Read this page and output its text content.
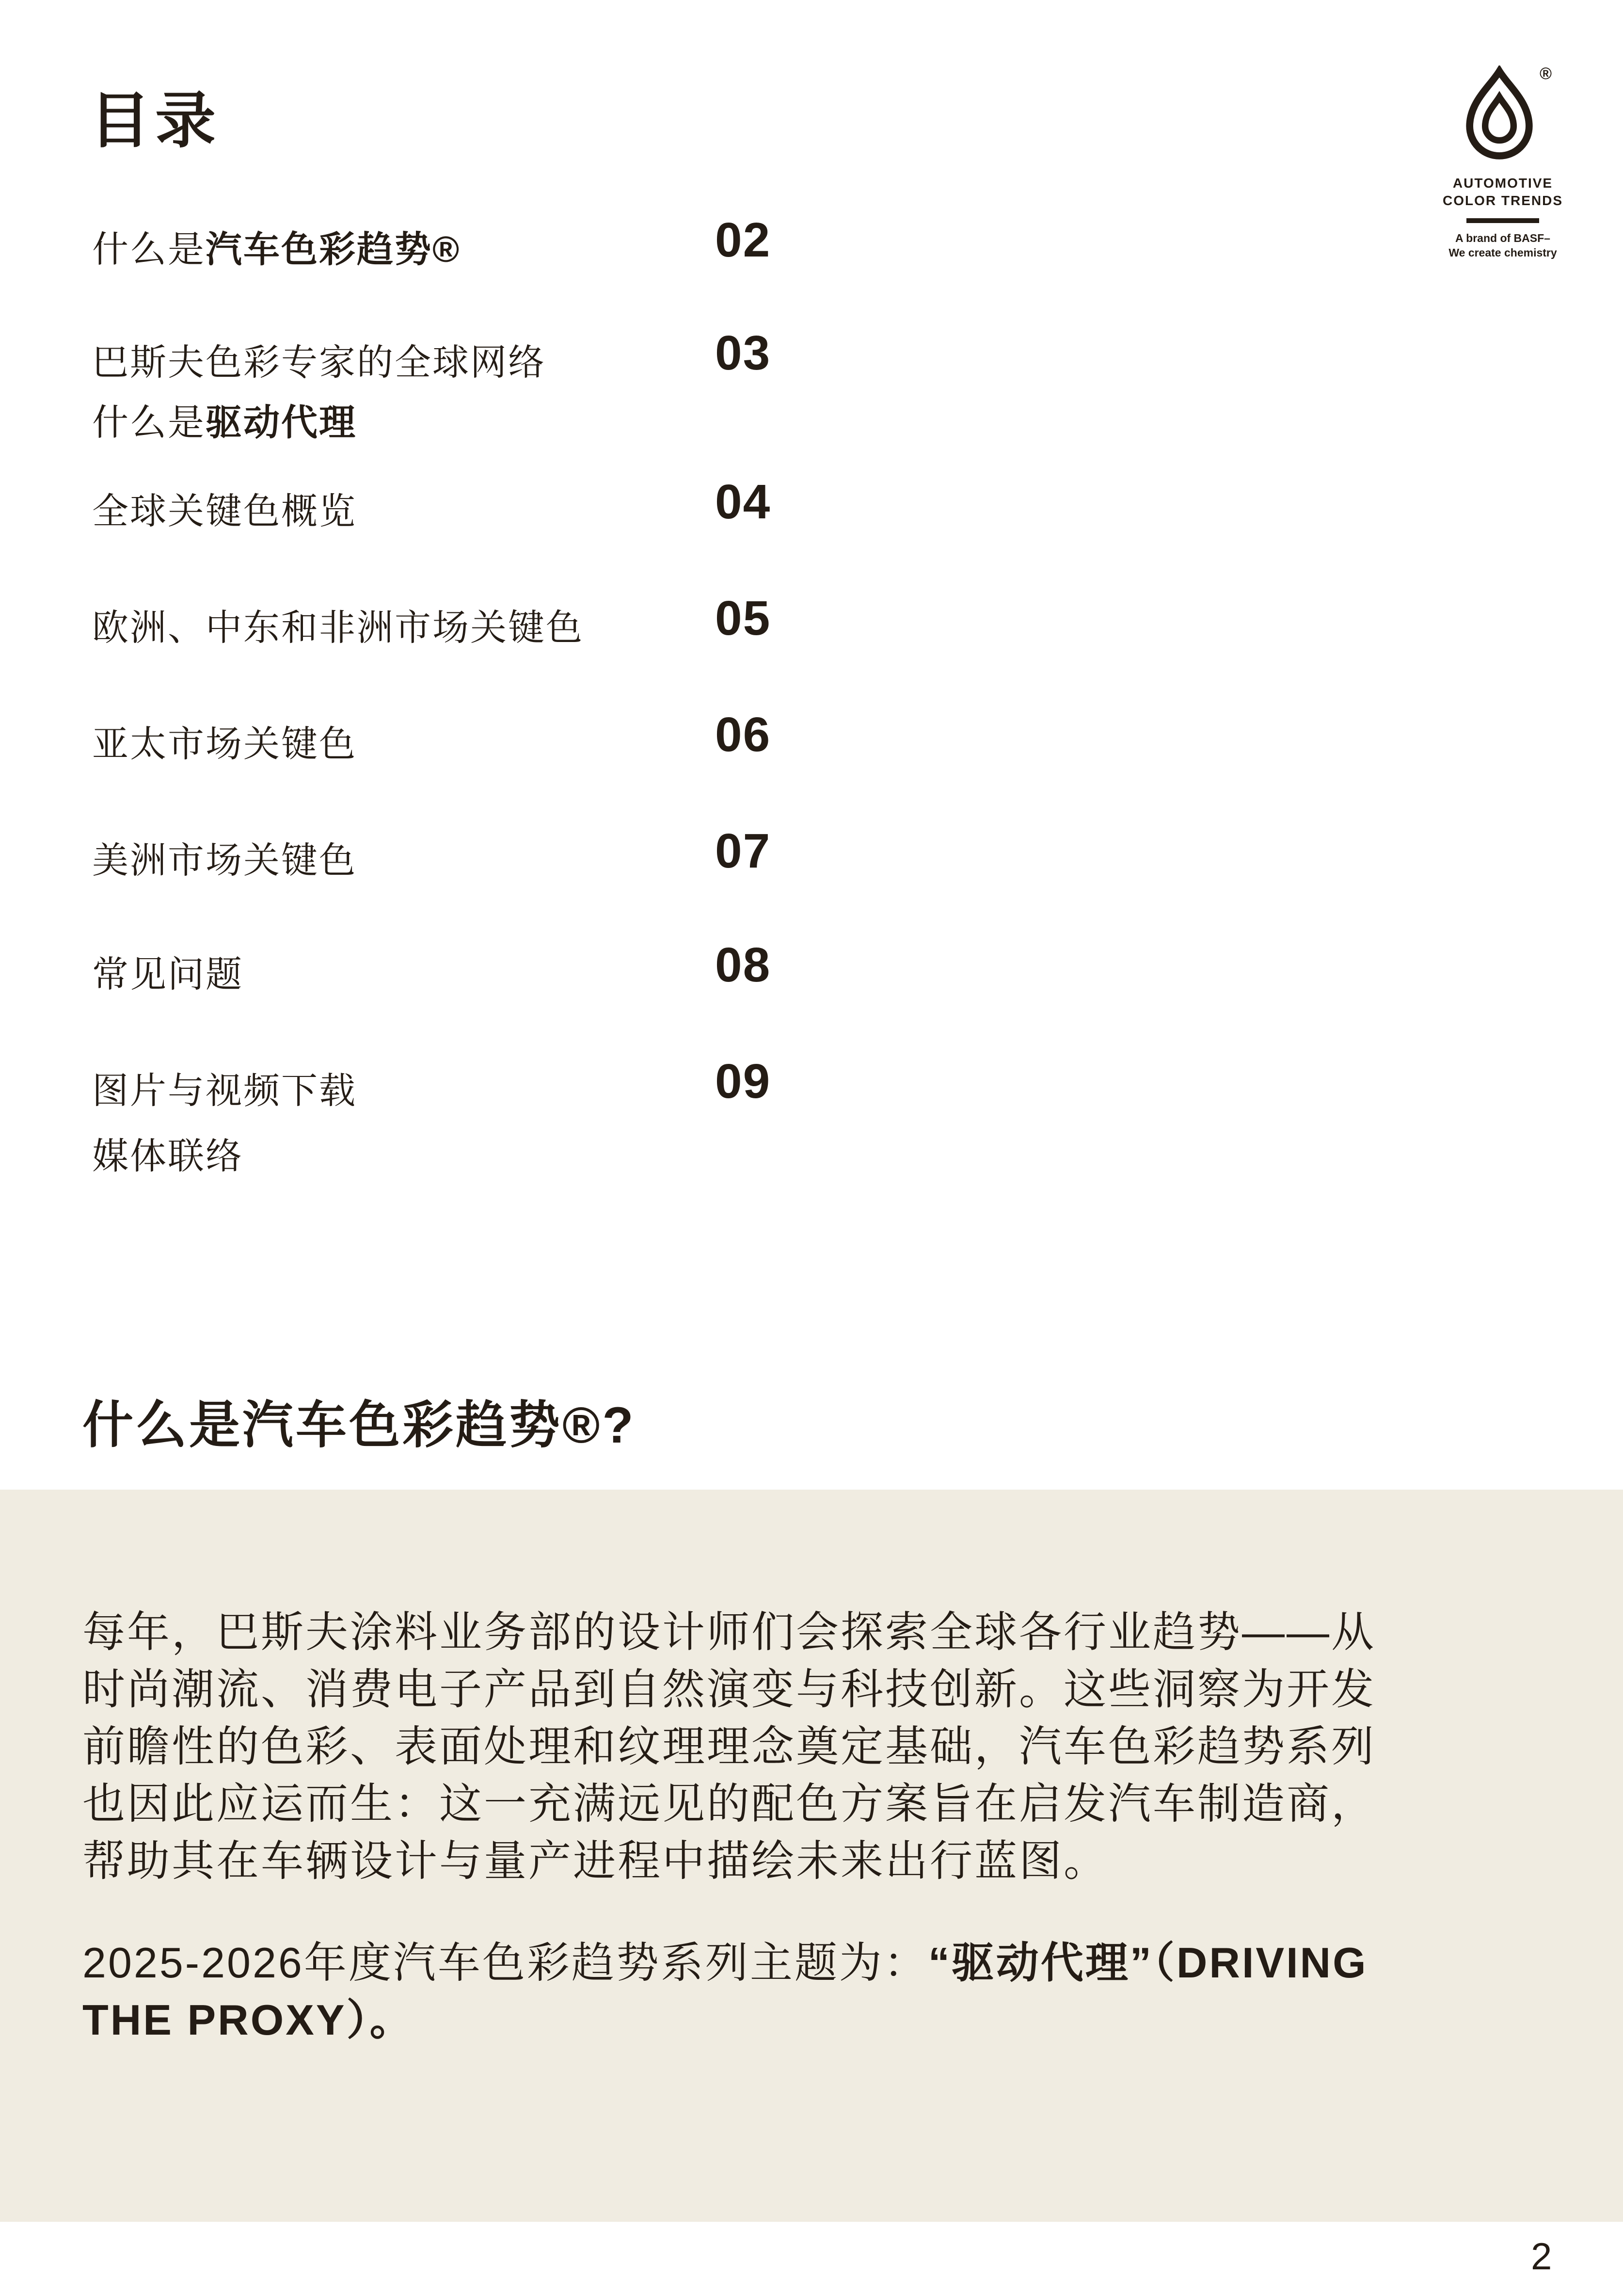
目录
®
AUTOMOTIVE
COLOR TRENDS
A brand of BASF–
We create chemistry
什么是汽车色彩趋势®	02
巴斯夫色彩专家的全球网络	03
什么是驱动代理
全球关键色概览	04
欧洲、中东和非洲市场关键色	05
亚太市场关键色	06
美洲市场关键色	07
常见问题	08
图片与视频下载	09
媒体联络
什么是汽车色彩趋势®?

每年，巴斯夫涂料业务部的设计师们会探索全球各行业趋势——从时尚潮流、消费电子产品到自然演变与科技创新。这些洞察为开发前瞻性的色彩、表面处理和纹理理念奠定基础，汽车色彩趋势系列也因此应运而生：这一充满远见的配色方案旨在启发汽车制造商，帮助其在车辆设计与量产进程中描绘未来出行蓝图。

2025-2026年度汽车色彩趋势系列主题为：“驱动代理”（DRIVING THE PROXY）。

2
